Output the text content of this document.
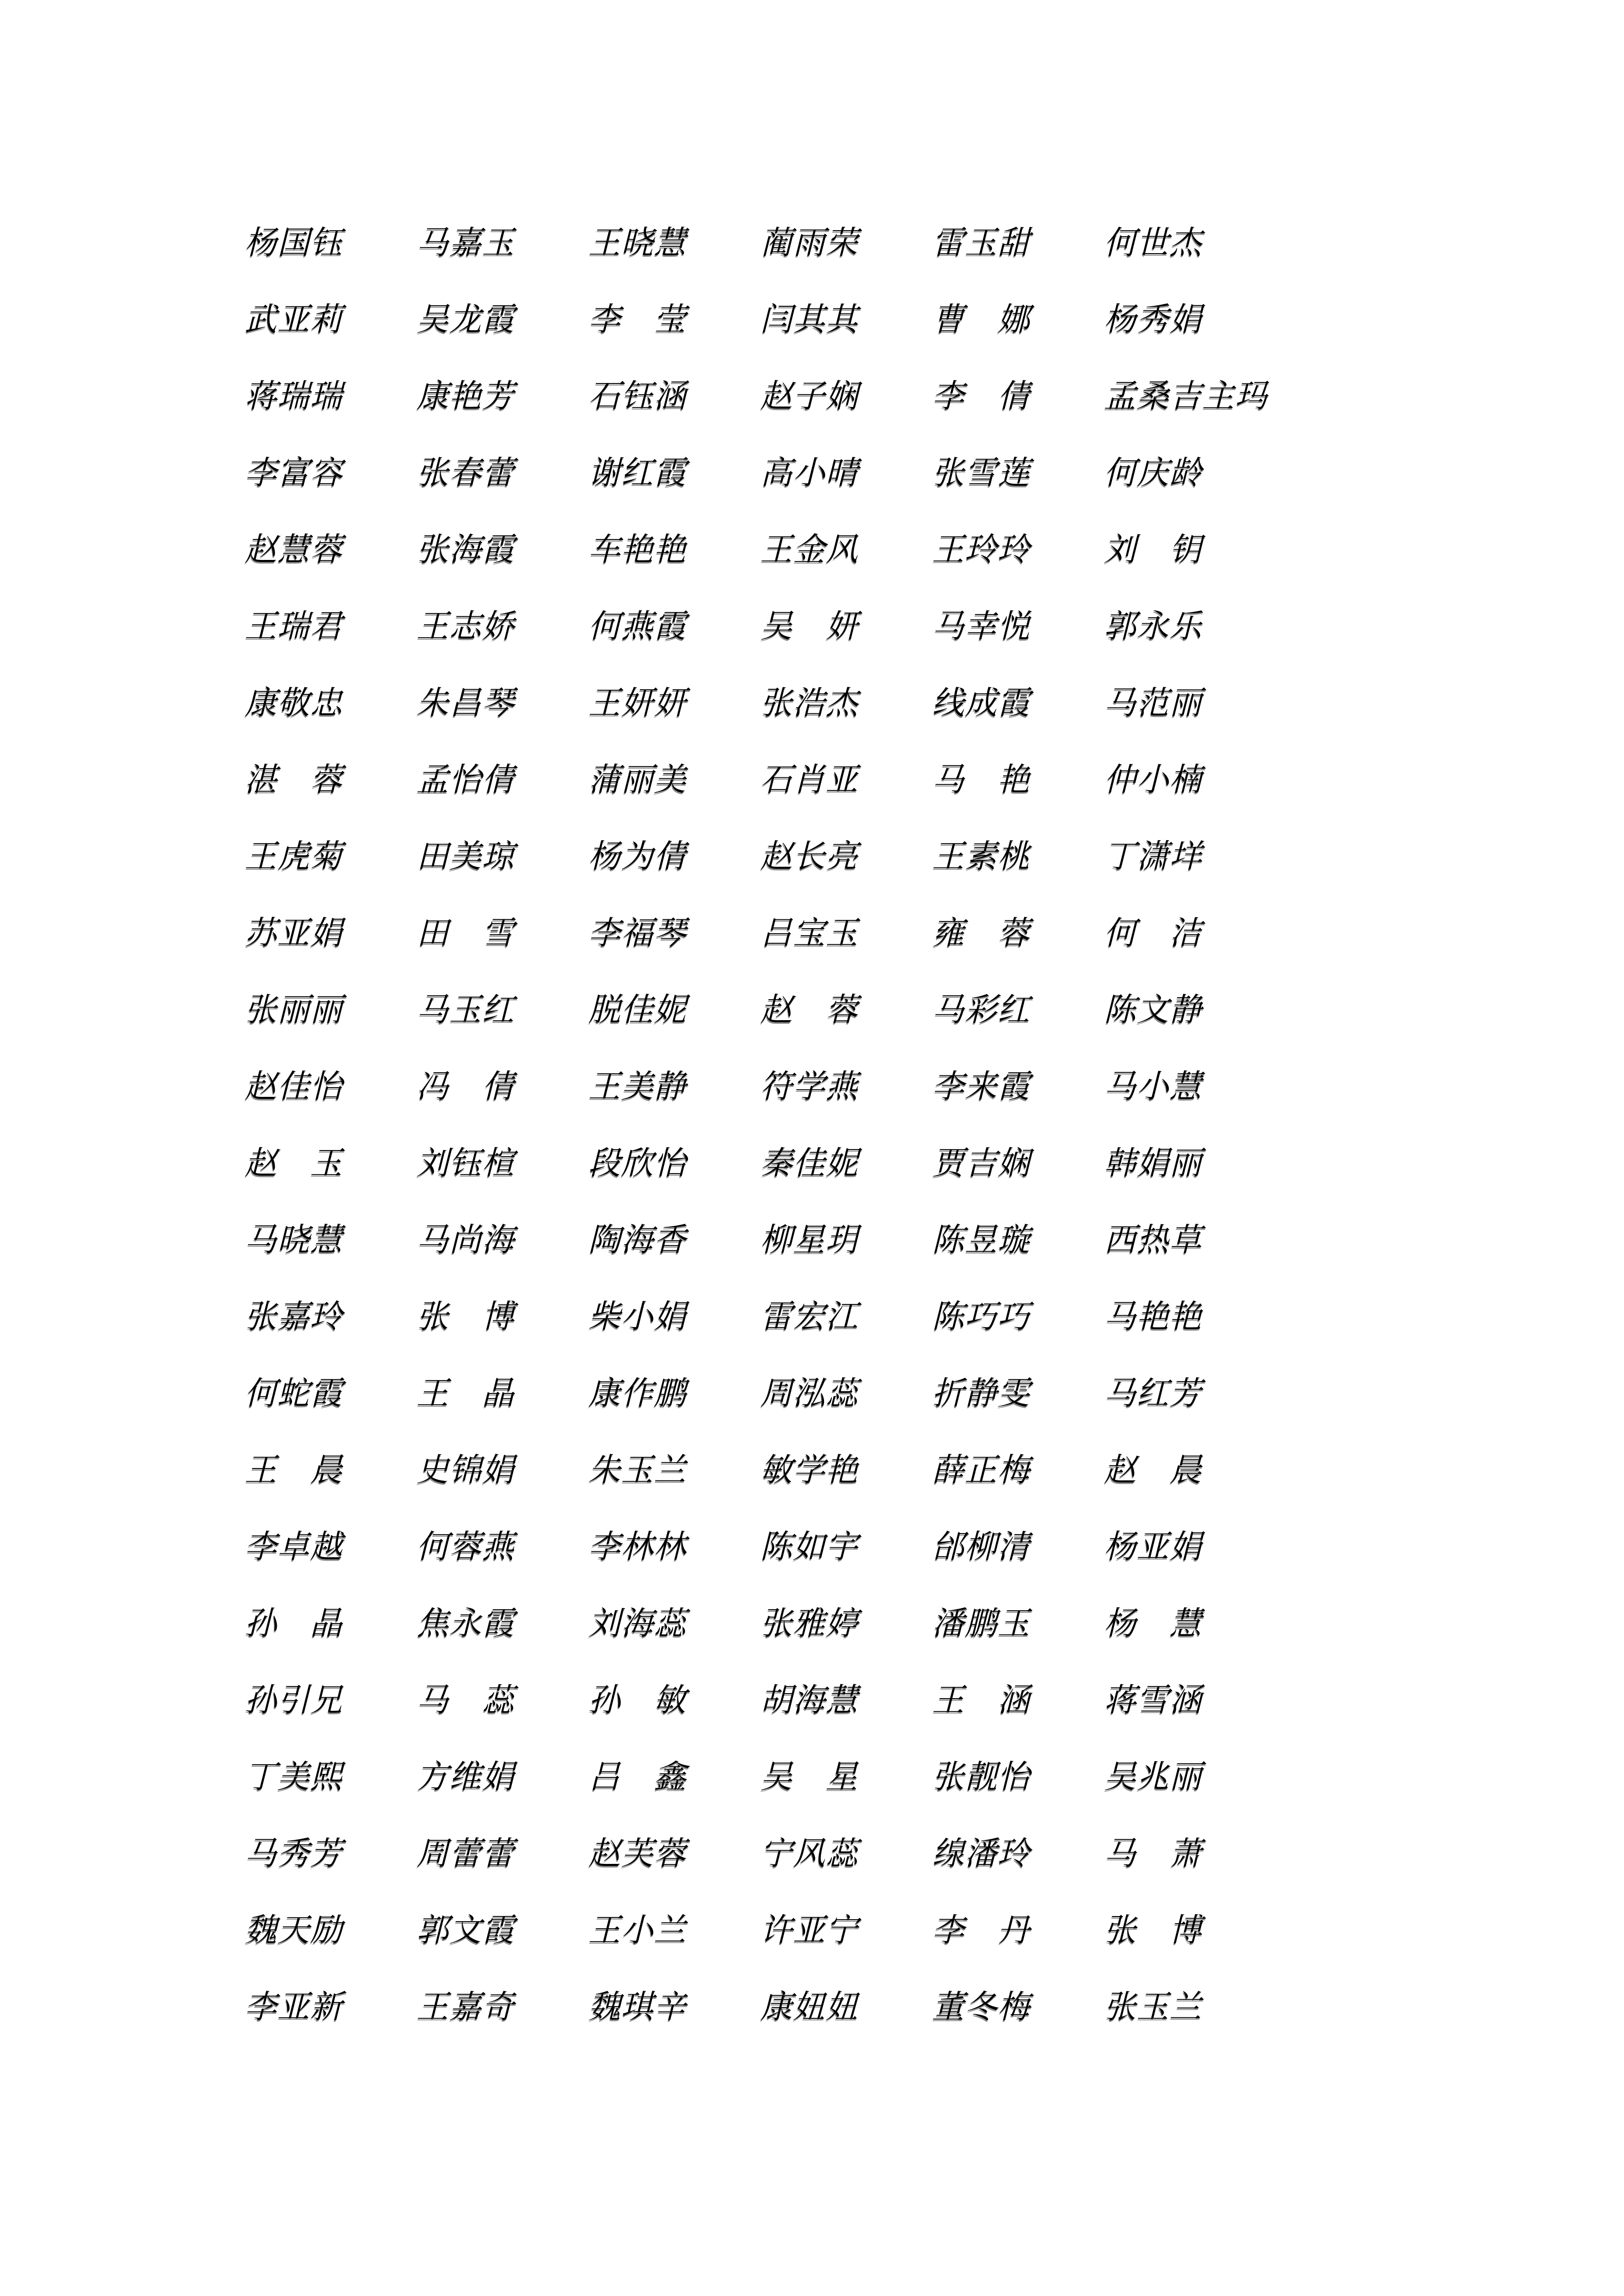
杨国钰	马嘉玉	王晓慧	蔺雨荣	雷玉甜	何世杰
武亚莉	吴龙霞	李　莹	闫其其	曹　娜	杨秀娟
蒋瑞瑞	康艳芳	石钰涵	赵子娴	李　倩	孟桑吉主玛
李富容	张春蕾	谢红霞	高小晴	张雪莲	何庆龄
赵慧蓉	张海霞	车艳艳	王金风	王玲玲	刘　钥
王瑞君	王志娇	何燕霞	吴　妍	马幸悦	郭永乐
康敬忠	朱昌琴	王妍妍	张浩杰	线成霞	马范丽
湛　蓉	孟怡倩	蒲丽美	石肖亚	马　艳	仲小楠
王虎菊	田美琼	杨为倩	赵长亮	王素桃	丁潇垟
苏亚娟	田　雪	李福琴	吕宝玉	雍　蓉	何　洁
张丽丽	马玉红	脱佳妮	赵　蓉	马彩红	陈文静
赵佳怡	冯　倩	王美静	符学燕	李来霞	马小慧
赵　玉	刘钰楦	段欣怡	秦佳妮	贾吉娴	韩娟丽
马晓慧	马尚海	陶海香	柳星玥	陈昱璇	西热草
张嘉玲	张　博	柴小娟	雷宏江	陈巧巧	马艳艳
何蛇霞	王　晶	康作鹏	周泓蕊	折静雯	马红芳
王　晨	史锦娟	朱玉兰	敏学艳	薛正梅	赵　晨
李卓越	何蓉燕	李林林	陈如宇	邰柳清	杨亚娟
孙　晶	焦永霞	刘海蕊	张雅婷	潘鹏玉	杨　慧
孙引兄	马　蕊	孙　敏	胡海慧	王　涵	蒋雪涵
丁美熙	方维娟	吕　鑫	吴　星	张靓怡	吴兆丽
马秀芳	周蕾蕾	赵芙蓉	宁风蕊	缐潘玲	马　萧
魏天励	郭文霞	王小兰	许亚宁	李　丹	张　博
李亚新	王嘉奇	魏琪辛	康妞妞	董冬梅	张玉兰
